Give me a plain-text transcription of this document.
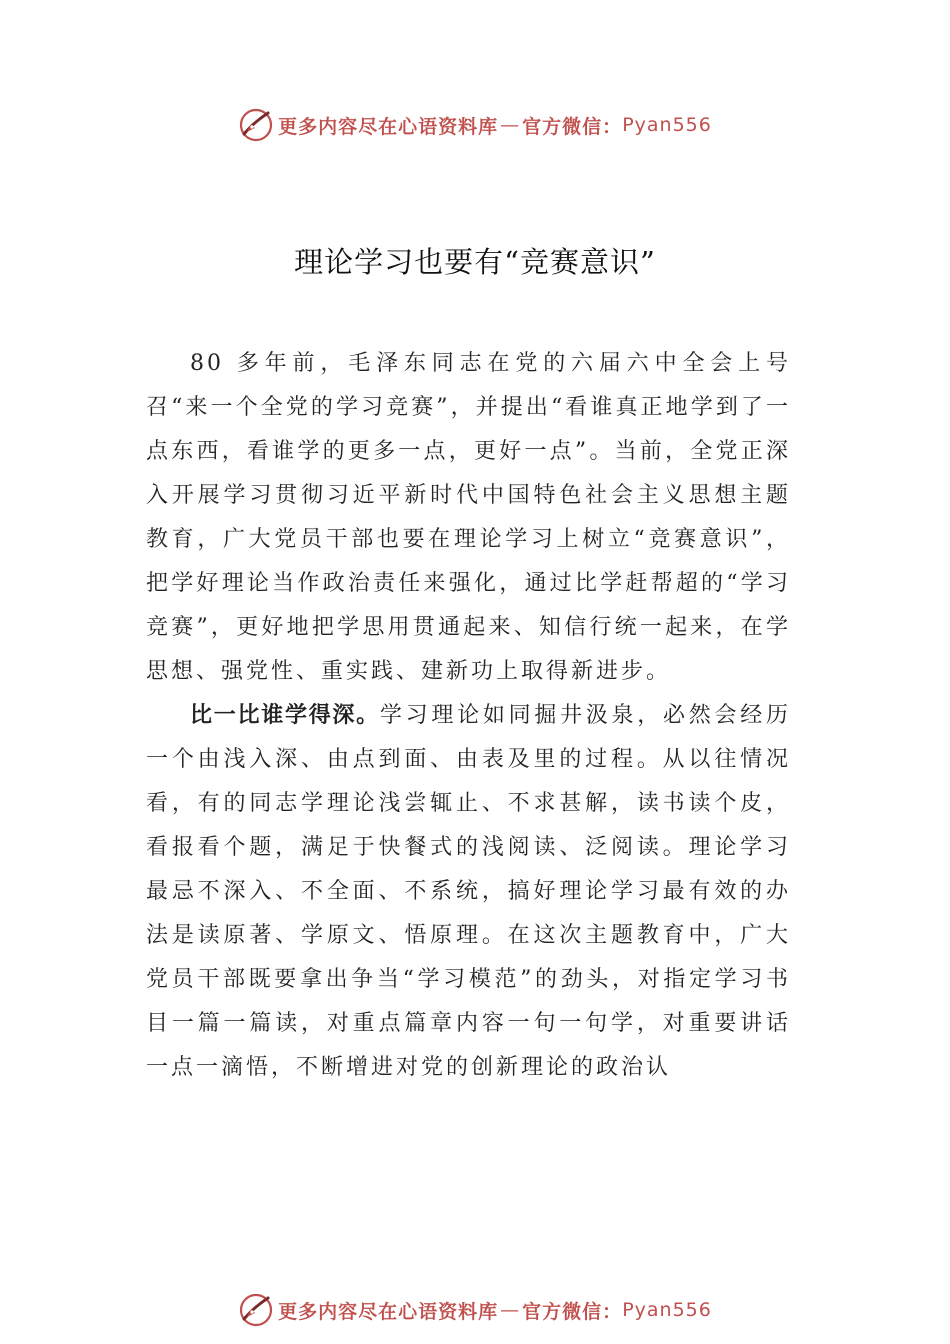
更多内容尽在心语资料库 — 官方微信： Pyan556
理论学习也要有“竞赛意识”

80 多年前，毛泽东同志在党的六届六中全会上号召“来一个全党的学习竞赛”，并提出“看谁真正地学到了一点东西，看谁学的更多一点，更好一点”。当前，全党正深入开展学习贯彻习近平新时代中国特色社会主义思想主题教育，广大党员干部也要在理论学习上树立“竞赛意识”，把学好理论当作政治责任来强化，通过比学赶帮超的“学习竞赛”，更好地把学思用贯通起来、知信行统一起来，在学思想、强党性、重实践、建新功上取得新进步。

比一比谁学得深。学习理论如同掘井汲泉，必然会经历一个由浅入深、由点到面、由表及里的过程。从以往情况看，有的同志学理论浅尝辄止、不求甚解，读书读个皮，看报看个题，满足于快餐式的浅阅读、泛阅读。理论学习最忌不深入、不全面、不系统，搞好理论学习最有效的办法是读原著、学原文、悟原理。在这次主题教育中，广大党员干部既要拿出争当“学习模范”的劲头，对指定学习书目一篇一篇读，对重点篇章内容一句一句学，对重要讲话一点一滴悟，不断增进对党的创新理论的政治认

更多内容尽在心语资料库 — 官方微信： Pyan556
